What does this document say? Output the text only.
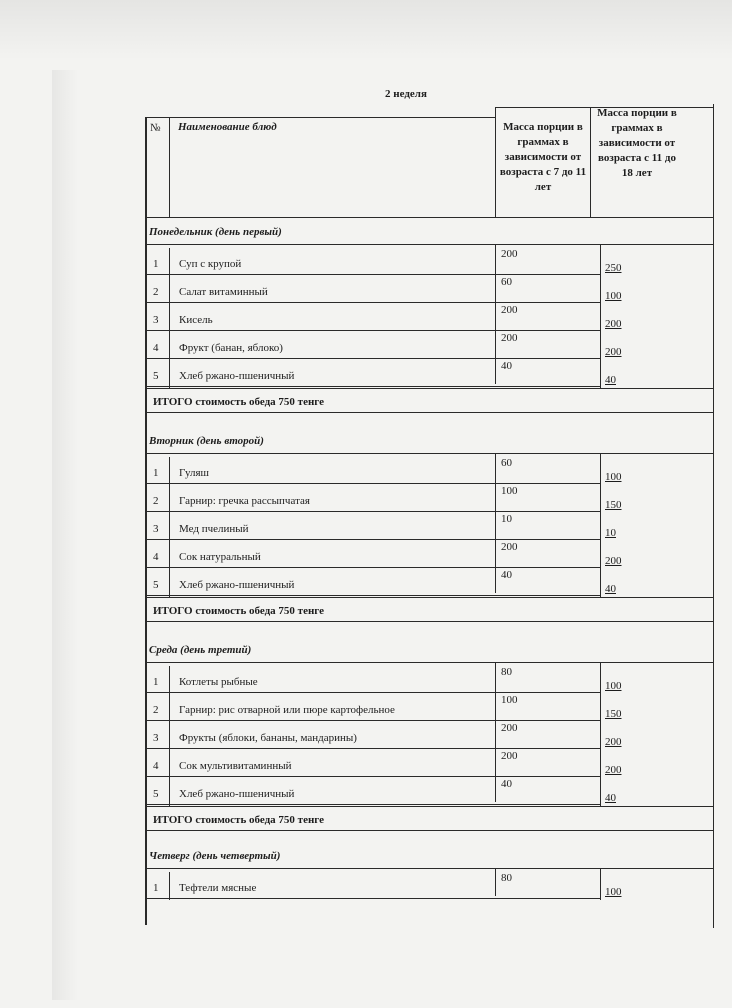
2 неделя
№ Наименование блюд	Масса порции в граммах в зависимости от возраста с 7 до 11 лет
Масса порции в граммах в зависимости от возраста с 11 до 18 лет
Понедельник (день первый)
1 Суп с крупой
200
250
2 Салат витаминный
60
100
3 Кисель
200
200
4 Фрукт (банан, яблоко)
200
200
5 Хлеб ржано-пшеничный
40
40
ИТОГО стоимость обеда 750 тенге
Вторник (день второй)
1 Гуляш
60
100
2 Гарнир: гречка рассыпчатая
100
150
3 Мед пчелиный
10
10
4 Сок натуральный
200
200
5 Хлеб ржано-пшеничный
40
40
ИТОГО стоимость обеда 750 тенге
Среда (день третий)
1 Котлеты рыбные
80
100
2 Гарнир: рис отварной или пюре картофельное
100
150
3 Фрукты (яблоки, бананы, мандарины)
200
200
4 Сок мультивитаминный
200
200
5 Хлеб ржано-пшеничный
40
40
ИТОГО стоимость обеда 750 тенге
Четверг (день четвертый)
1 Тефтели мясные
80
100
